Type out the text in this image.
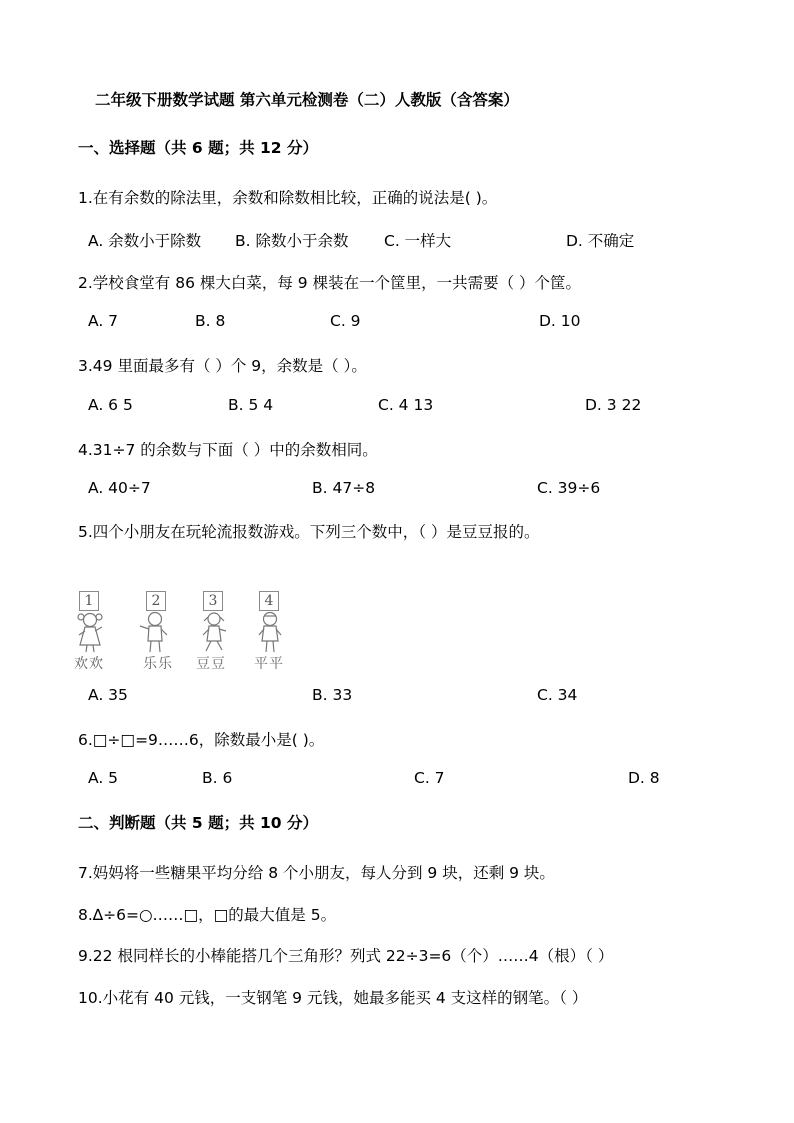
二年级下册数学试题 第六单元检测卷（二）人教版（含答案）
一、选择题（共 6 题；共 12 分）
1.在有余数的除法里，余数和除数相比较，正确的说法是( )。
A. 余数小于除数 B. 除数小于余数 C. 一样大	D. 不确定
2.学校食堂有 86 棵大白菜，每 9 棵装在一个筐里，一共需要（ ）个筐。
A. 7	B. 8	C. 9	D. 10
3.49 里面最多有（ ）个 9，余数是（ ）。
A. 6 5	B. 5 4	C. 4 13	D. 3 22
4.31÷7 的余数与下面（ ）中的余数相同。
A. 40÷7	B. 47÷8	C. 39÷6
5.四个小朋友在玩轮流报数游戏。下列三个数中，（ ）是豆豆报的。
1
欢欢
2
乐乐
3
豆豆
4
平平
A. 35	B. 33	C. 34
6.□÷□=9……6，除数最小是( )。
A. 5	B. 6	C. 7	D. 8
二、判断题（共 5 题；共 10 分）
7.妈妈将一些糖果平均分给 8 个小朋友，每人分到 9 块，还剩 9 块。
8.∆÷6=○……□，□的最大值是 5。
9.22 根同样长的小棒能搭几个三角形？列式 22÷3=6（个）……4（根）（ ）
10.小花有 40 元钱，一支钢笔 9 元钱，她最多能买 4 支这样的钢笔。（ ）
